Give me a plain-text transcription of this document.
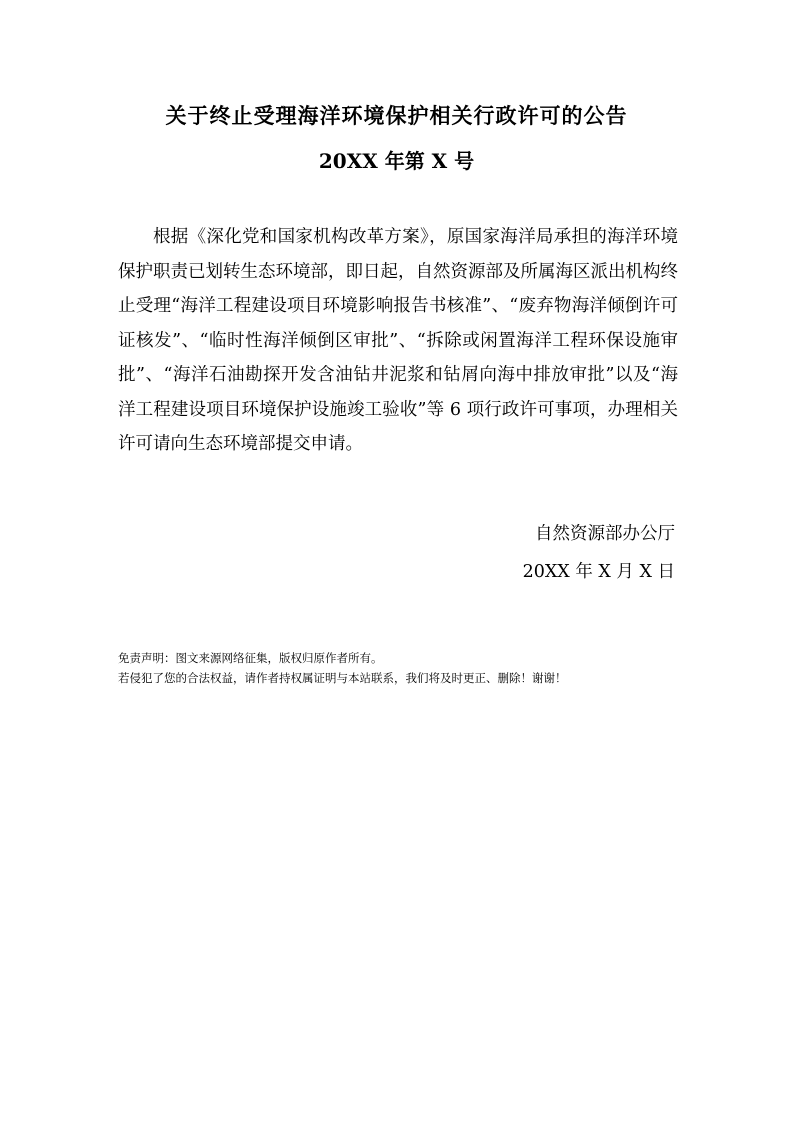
关于终止受理海洋环境保护相关行政许可的公告
20XX 年第 X 号

根据《深化党和国家机构改革方案》，原国家海洋局承担的海洋环境保护职责已划转生态环境部，即日起，自然资源部及所属海区派出机构终止受理“海洋工程建设项目环境影响报告书核准”、“废弃物海洋倾倒许可证核发”、“临时性海洋倾倒区审批”、“拆除或闲置海洋工程环保设施审批”、“海洋石油勘探开发含油钻井泥浆和钻屑向海中排放审批”以及“海洋工程建设项目环境保护设施竣工验收”等 6 项行政许可事项，办理相关许可请向生态环境部提交申请。

自然资源部办公厅
20XX 年 X 月 X 日
免责声明：图文来源网络征集，版权归原作者所有。
若侵犯了您的合法权益，请作者持权属证明与本站联系，我们将及时更正、删除！谢谢！
